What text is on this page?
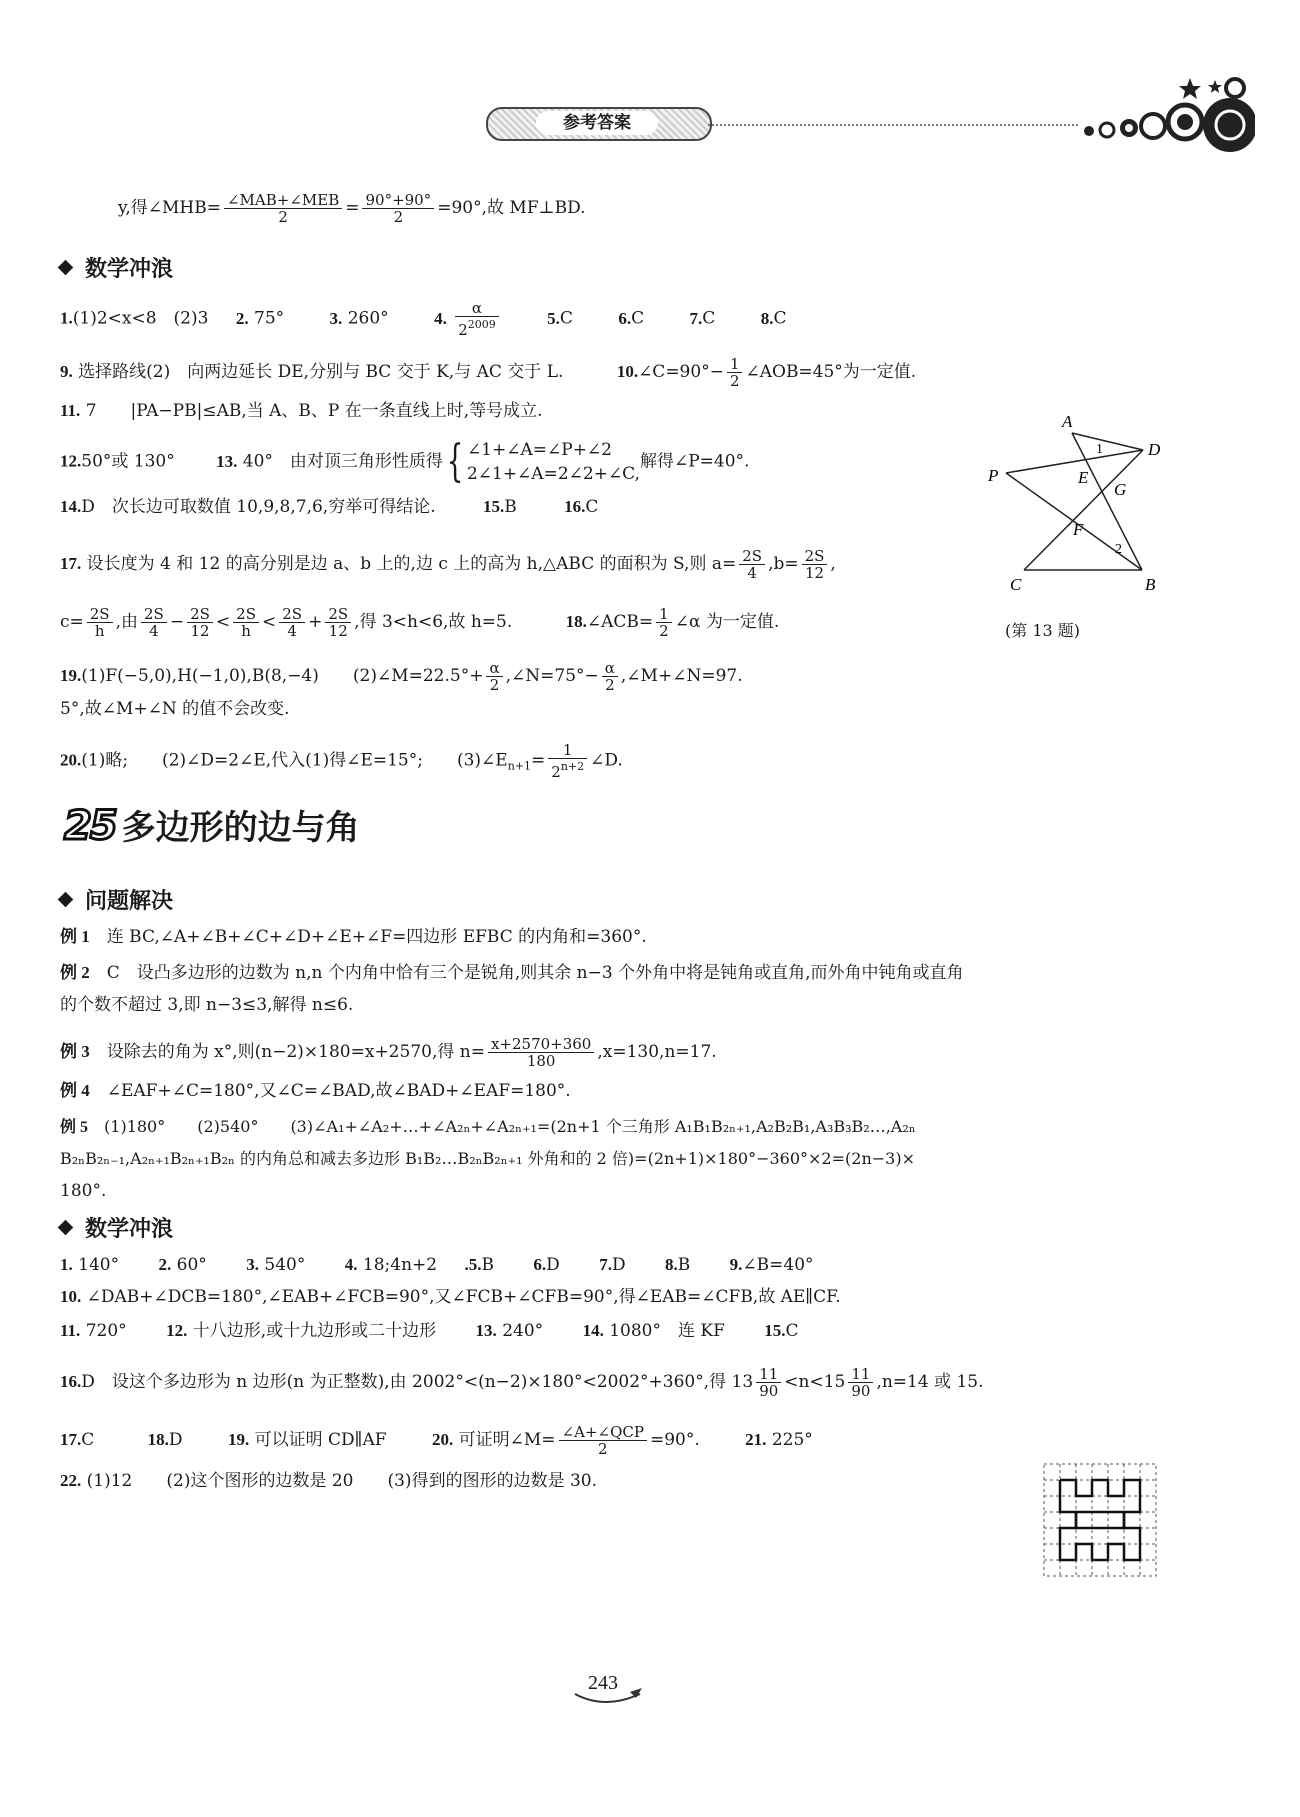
参考答案
y,得∠MHB= $\frac{\text{∠MAB+∠MEB}}{2} = \frac{90^\circ+90^\circ}{2} =90^\circ$,故 MF⊥BD.
数学冲浪
1.(1)2<x<8　(2)3 2. 75°	3. 260°	4. $\frac{\alpha}{2^{2009}}$	5.C	6.C	7.C	8.C
9. 选择路线(2)　向两边延长 DE,分别与 BC 交于 K,与 AC 交于 L.	10.∠C=90°− $\frac{1}{2}$ ∠AOB=45°为一定值.
11. 7　　|PA−PB|≤AB,当 A、B、P 在一条直线上时,等号成立.
12.50°或 130° 13. 40°　由对顶三角形性质得{ ∠1+∠A=∠P+∠2
2∠1+∠A=2∠2+∠C,
解得∠P=40°.
14.D　次长边可取数值 10,9,8,7,6,穷举可得结论.	15.B	16.C
17. 设长度为 4 和 12 的高分别是边 a、b 上的,边 c 上的高为 h,△ABC 的面积为 S,则 $a= \frac{2S}{4} ,b= \frac{2S}{12}$ ,
$c= \frac{2S}{h}$ ,由 $\frac{2S}{4} - \frac{2S}{12} < \frac{2S}{h} < \frac{2S}{4} + \frac{2S}{12}$ ,得 3<h<6,故 h=5.	18.∠ACB= $\frac{1}{2}$ ∠α 为一定值.
19.(1)F(−5,0),H(−1,0),B(8,−4)　　(2)∠M=22.5°+ $\frac{\alpha}{2}$ ,∠N=75°− $\frac{\alpha}{2}$ ,∠M+∠N=97.
5°,故∠M+∠N 的值不会改变.
20.(1)略;　　(2)∠D=2∠E,代入(1)得∠E=15°;　　$(3)\angle E_{n+1}= \frac{1}{2^{n+2}}$ ∠D.
A
D
P	E
G
F
C	B
1
2
(第 13 题)
25 多边形的边与角
问题解决
例 1　 连 BC,∠A+∠B+∠C+∠D+∠E+∠F=四边形 EFBC 的内角和=360°.
例 2　 C　设凸多边形的边数为 n,n 个内角中恰有三个是锐角,则其余 n−3 个外角中将是钝角或直角,而外角中钝角或直角
的个数不超过 3,即 n−3≤3,解得 n≤6.
例 3　 设除去的角为 x°,则(n−2)×180=x+2570,得 $n= \frac{x+2570+360}{180} ,x=130,n=17$.
例 4　 ∠EAF+∠C=180°,又∠C=∠BAD,故∠BAD+∠EAF=180°.
例 5　 (1)180°　　(2)540°　　(3)∠A₁+∠A₂+…+∠A₂ₙ+∠A₂ₙ₊₁=(2n+1 个三角形 A₁B₁B₂ₙ₊₁,A₂B₂B₁,A₃B₃B₂…,A₂ₙ
B₂ₙB₂ₙ₋₁,A₂ₙ₊₁B₂ₙ₊₁B₂ₙ 的内角总和减去多边形 B₁B₂…B₂ₙB₂ₙ₊₁ 外角和的 2 倍)=(2n+1)×180°−360°×2=(2n−3)×
180°.
数学冲浪
1. 140° 2. 60° 3. 540° 4. 18;4n+2 .5.B 6.D 7.D 8.B 9.∠B=40°
10. ∠DAB+∠DCB=180°,∠EAB+∠FCB=90°,又∠FCB+∠CFB=90°,得∠EAB=∠CFB,故 AE∥CF.
11. 720° 12. 十八边形,或十九边形或二十边形 13. 240° 14. 1080°　连 KF 15.C
16.D　设这个多边形为 n 边形(n 为正整数),由 2002°<(n−2)×180°<2002°+360°,得 $13 \frac{11}{90} <n<15 \frac{11}{90} ,n=14$ 或 15.
17.C	18.D	19. 可以证明 CD∥AF	20. 可证明∠M= $\frac{\text{∠A+∠QCP}}{2} =90^\circ$.	21. 225°
22. (1)12　　(2)这个图形的边数是 20　　(3)得到的图形的边数是 30.
243
